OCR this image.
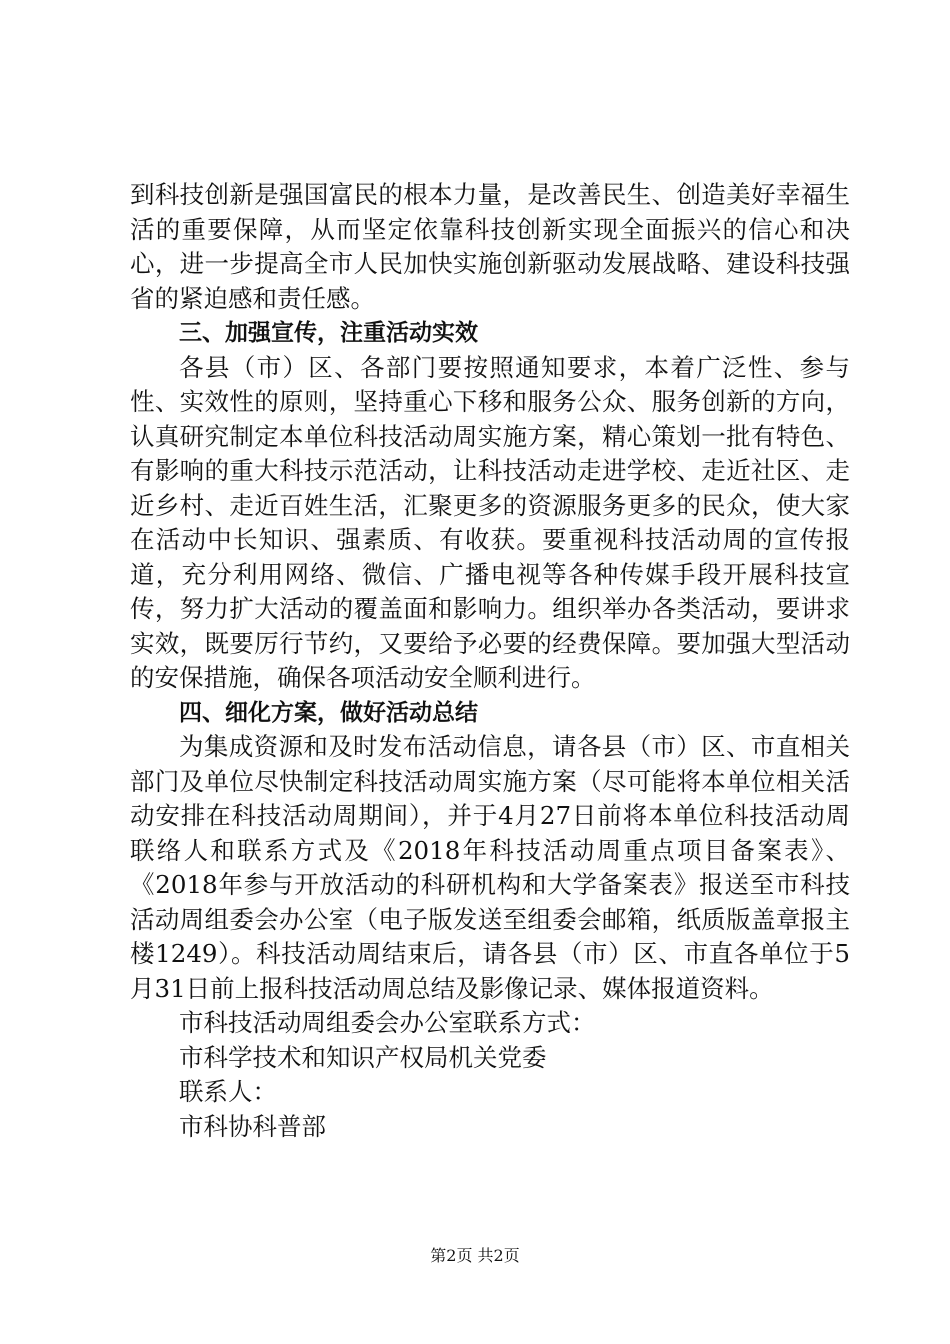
到科技创新是强国富民的根本力量，是改善民生、创造美好幸福生活的重要保障，从而坚定依靠科技创新实现全面振兴的信心和决心，进一步提高全市人民加快实施创新驱动发展战略、建设科技强省的紧迫感和责任感。

三、加强宣传，注重活动实效

各县（市）区、各部门要按照通知要求，本着广泛性、参与性、实效性的原则，坚持重心下移和服务公众、服务创新的方向，认真研究制定本单位科技活动周实施方案，精心策划一批有特色、有影响的重大科技示范活动，让科技活动走进学校、走近社区、走近乡村、走近百姓生活，汇聚更多的资源服务更多的民众，使大家在活动中长知识、强素质、有收获。要重视科技活动周的宣传报道，充分利用网络、微信、广播电视等各种传媒手段开展科技宣传，努力扩大活动的覆盖面和影响力。组织举办各类活动，要讲求实效，既要厉行节约，又要给予必要的经费保障。要加强大型活动的安保措施，确保各项活动安全顺利进行。

四、细化方案，做好活动总结

为集成资源和及时发布活动信息，请各县（市）区、市直相关部门及单位尽快制定科技活动周实施方案（尽可能将本单位相关活动安排在科技活动周期间），并于4月27日前将本单位科技活动周联络人和联系方式及《2018年科技活动周重点项目备案表》、《2018年参与开放活动的科研机构和大学备案表》报送至市科技活动周组委会办公室（电子版发送至组委会邮箱，纸质版盖章报主楼1249）。科技活动周结束后，请各县（市）区、市直各单位于5月31日前上报科技活动周总结及影像记录、媒体报道资料。

市科技活动周组委会办公室联系方式：

市科学技术和知识产权局机关党委

联系人：

市科协科普部

第2页 共2页
